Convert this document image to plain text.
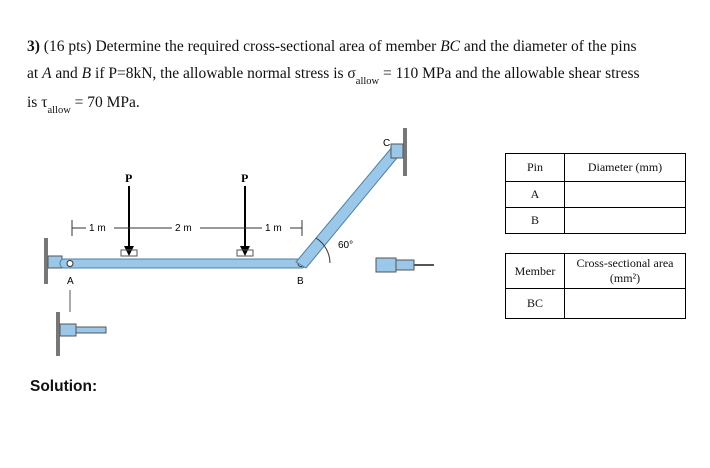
3) (16 pts) Determine the required cross-sectional area of member BC and the diameter of the pins

at A and B if P=8kN, the allowable normal stress is $\sigma_{allow} = 110$ MPa and the allowable shear stress

is $\tau_{allow} = 70$ MPa.

60°
P	P
1 m	2 m	1 m
A	B
C
Pin	Diameter (mm)
A	
B	

Member	Cross-sectional area (mm²)
BC	
Solution:
